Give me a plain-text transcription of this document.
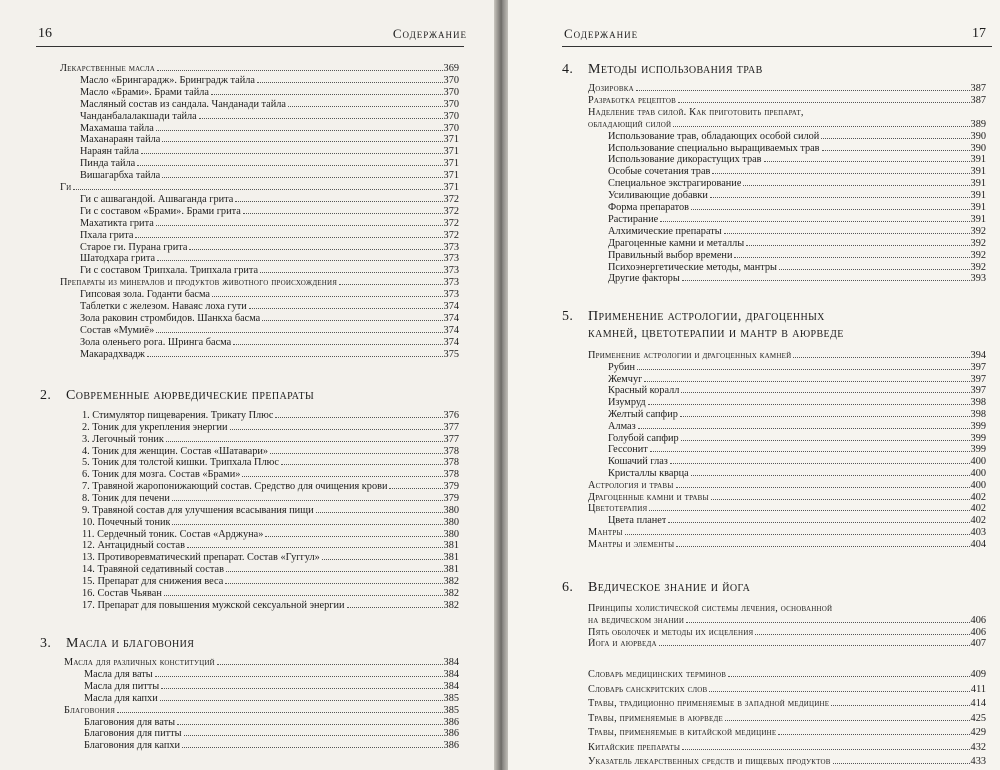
16	Содержание
Лекарственные масла	369
Масло «Брингарадж». Бринградж тайла	370
Масло «Брами». Брами тайла	370
Масляный состав из сандала. Чанданади тайла	370
Чанданбалалакшади тайла	370
Махамаша тайла	370
Маханараян тайла	371
Нараян тайла	371
Пинда тайла	371
Вишагарбха тайла	371
Ги	371
Ги с ашвагандой. Ашваганда грита	372
Ги с составом «Брами». Брами грита	372
Махатикта грита	372
Пхала грита	372
Старое ги. Пурана грита	373
Шатодхара грита	373
Ги с составом Трипхала. Трипхала грита	373
Препараты из минералов и продуктов животного происхождения	373
Гипсовая зола. Годанти басма	373
Таблетки с железом. Наваяс лоха гути	374
Зола раковин стромбидов. Шанкха басма	374
Состав «Мумиё»	374
Зола оленьего рога. Шринга басма	374
Макарадхвадж	375
1. Стимулятор пищеварения. Трикату Плюс	376
2. Тоник для укрепления энергии	377
3. Легочный тоник	377
4. Тоник для женщин. Состав «Шатавари»	378
5. Тоник для толстой кишки. Трипхала Плюс	378
6. Тоник для мозга. Состав «Брами»	378
7. Травяной жаропонижающий состав. Средство для очищения крови	379
8. Тоник для печени	379
9. Травяной состав для улучшения всасывания пищи	380
10. Почечный тоник	380
11. Сердечный тоник. Состав «Арджуна»	380
12. Антацидный состав	381
13. Противоревматический препарат. Состав «Гуггул»	381
14. Травяной седативный состав	381
15. Препарат для снижения веса	382
16. Состав Чьяван	382
17. Препарат для повышения мужской сексуальной энергии	382
Масла для различных конституций	384
Масла для ваты	384
Масла для питты	384
Масла для капхи	385
Благовония	385
Благовония для ваты	386
Благовония для питты	386
Благовония для капхи	386
2. Современные аюрведические препараты
3. Масла и благовония
Содержание	17
Дозировка	387
Разработка рецептов	387
Наделение трав силой. Как приготовить препарат,
обладающий силой	389
Использование трав, обладающих особой силой	390
Использование специально выращиваемых трав	390
Использование дикорастущих трав	391
Особые сочетания трав	391
Специальное экстрагирование	391
Усиливающие добавки	391
Форма препаратов	391
Растирание	391
Алхимические препараты	392
Драгоценные камни и металлы	392
Правильный выбор времени	392
Психоэнергетические методы, мантры	392
Другие факторы	393
Применение астрологии и драгоценных камней	394
Рубин	397
Жемчуг	397
Красный коралл	397
Изумруд	398
Желтый сапфир	398
Алмаз	399
Голубой сапфир	399
Гессонит	399
Кошачий глаз	400
Кристаллы кварца	400
Астрология и травы	400
Драгоценные камни и травы	402
Цветотерапия	402
Цвета планет	402
Мантры	403
Мантры и элементы	404
Принципы холистической системы лечения, основанной
на ведическом знании	406
Пять оболочек и методы их исцеления	406
Йога и аюрведа	407
Словарь медицинских терминов	409
Словарь санскритских слов	411
Травы, традиционно применяемые в западной медицине	414
Травы, применяемые в аюрведе	425
Травы, применяемые в китайской медицине	429
Китайские препараты	432
Указатель лекарственных средств и пищевых продуктов	433
4. Методы использования трав
5. Применение астрологии, драгоценных
камней, цветотерапии и мантр в аюрведе
6. Ведическое знание и йога
